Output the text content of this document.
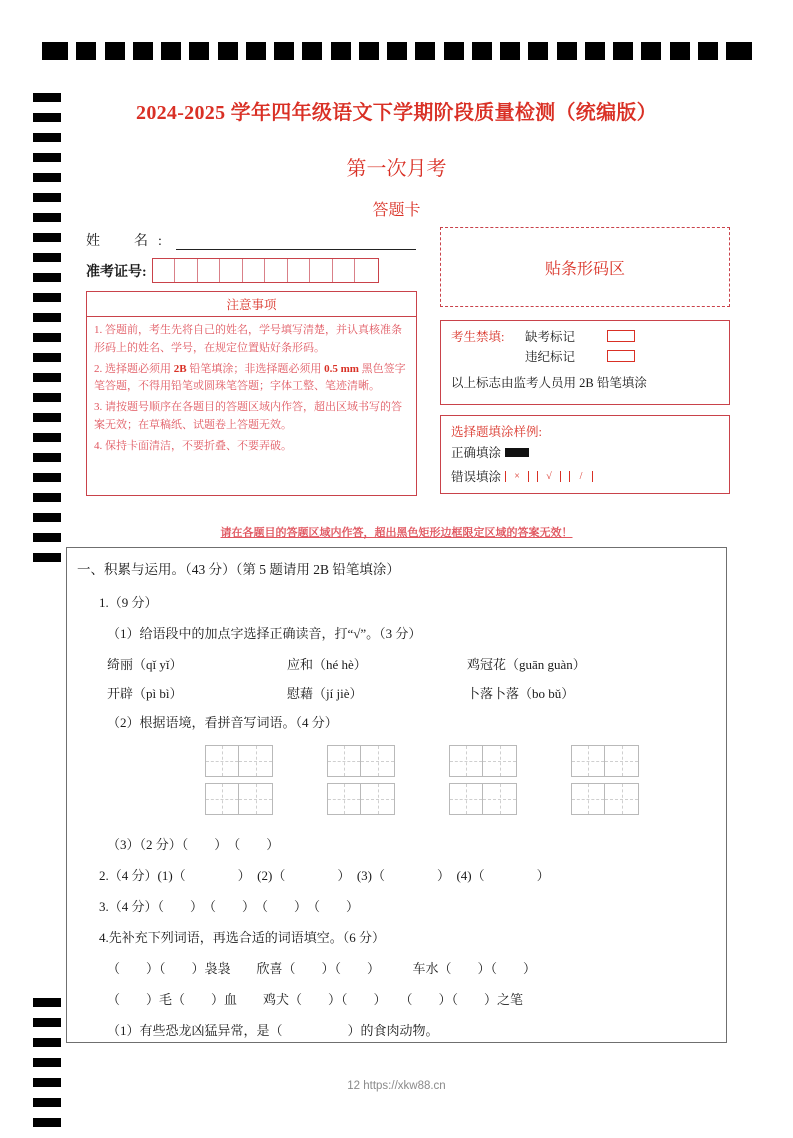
2024-2025 学年四年级语文下学期阶段质量检测（统编版）
第一次月考
答题卡
姓　名:
准考证号:
注意事项

1. 答题前，考生先将自己的姓名，学号填写清楚，并认真核准条形码上的姓名、学号，在规定位置贴好条形码。

2. 选择题必须用 2B 铅笔填涂；非选择题必须用 0.5 mm 黑色签字笔答题，不得用铅笔或圆珠笔答题；字体工整、笔迹清晰。

3. 请按题号顺序在各题目的答题区域内作答，超出区域书写的答案无效；在草稿纸、试题卷上答题无效。

4. 保持卡面清洁，不要折叠、不要弄破。

贴条形码区
考生禁填:	缺考标记
违纪标记
以上标志由监考人员用 2B 铅笔填涂
选择题填涂样例:
正确填涂
错误填涂	×	√	/
请在各题目的答题区域内作答，超出黑色矩形边框限定区域的答案无效！

一、积累与运用。（43 分）（第 5 题请用 2B 铅笔填涂）

1.（9 分）

（1）给语段中的加点字选择正确读音，打“√”。（3 分）

绮丽（qǐ yǐ）	应和（hé hè）	鸡冠花（guān guàn）
开辟（pì bì）	慰藉（jí jiè）	卜落卜落（bo bǔ）

（2）根据语境，看拼音写词语。（4 分）

（3）（2 分）（　　）　（　　）

2.（4 分）(1)（　　　　）　(2)（　　　　）　(3)（　　　　）　(4)（　　　　）

3.（4 分）（　　）　（　　）　（　　）　（　　）

4.先补充下列词语，再选合适的词语填空。（6 分）

（　　）（　　）袅袅　　欣喜（　　）（　　）　　　车水（　　）（　　）

（　　）毛（　　）血　　鸡犬（　　）（　　）　　（　　）（　　）之笔

（1）有些恐龙凶猛异常，是（　　　　　）的食肉动物。

12 https://xkw88.cn
